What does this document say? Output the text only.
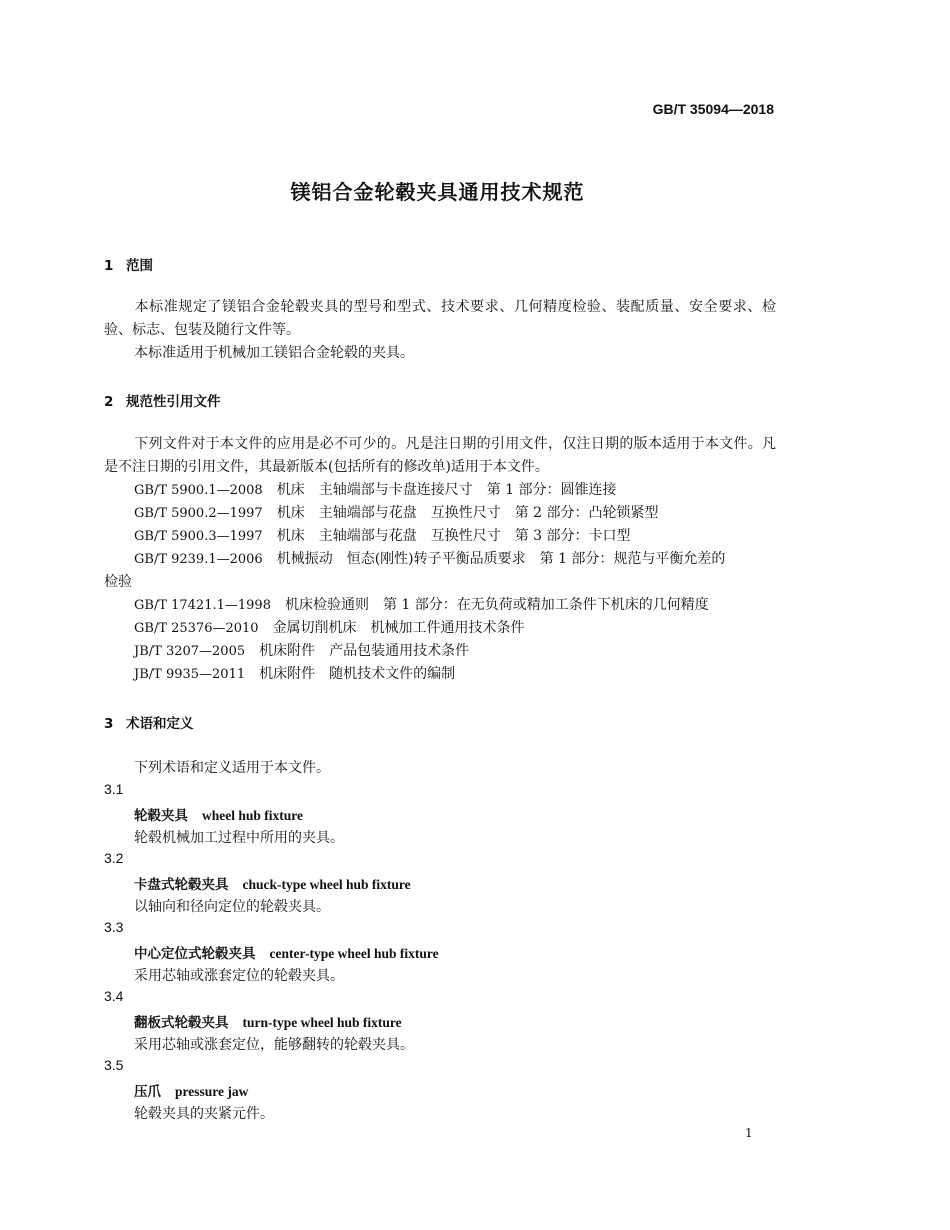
GB/T 35094—2018
镁铝合金轮毂夹具通用技术规范
1 范围
本标准规定了镁铝合金轮毂夹具的型号和型式、技术要求、几何精度检验、装配质量、安全要求、检验、标志、包装及随行文件等。
本标准适用于机械加工镁铝合金轮毂的夹具。
2 规范性引用文件
下列文件对于本文件的应用是必不可少的。凡是注日期的引用文件，仅注日期的版本适用于本文件。凡是不注日期的引用文件，其最新版本(包括所有的修改单)适用于本文件。
GB/T 5900.1—2008　 机床　主轴端部与卡盘连接尺寸　第 1 部分：圆锥连接
GB/T 5900.2—1997　 机床　主轴端部与花盘　互换性尺寸　第 2 部分：凸轮锁紧型
GB/T 5900.3—1997　 机床　主轴端部与花盘　互换性尺寸　第 3 部分：卡口型
GB/T 9239.1—2006　 机械振动　恒态(刚性)转子平衡品质要求　第 1 部分：规范与平衡允差的
检验
GB/T 17421.1—1998　 机床检验通则　第 1 部分：在无负荷或精加工条件下机床的几何精度
GB/T 25376—2010　 金属切削机床　机械加工件通用技术条件
JB/T 3207—2005　 机床附件　产品包装通用技术条件
JB/T 9935—2011　 机床附件　随机技术文件的编制
3 术语和定义
下列术语和定义适用于本文件。
3.1
轮毂夹具 wheel hub fixture
轮毂机械加工过程中所用的夹具。
3.2
卡盘式轮毂夹具 chuck-type wheel hub fixture
以轴向和径向定位的轮毂夹具。
3.3
中心定位式轮毂夹具 center-type wheel hub fixture
采用芯轴或涨套定位的轮毂夹具。
3.4
翻板式轮毂夹具 turn-type wheel hub fixture
采用芯轴或涨套定位，能够翻转的轮毂夹具。
3.5
压爪 pressure jaw
轮毂夹具的夹紧元件。
1
